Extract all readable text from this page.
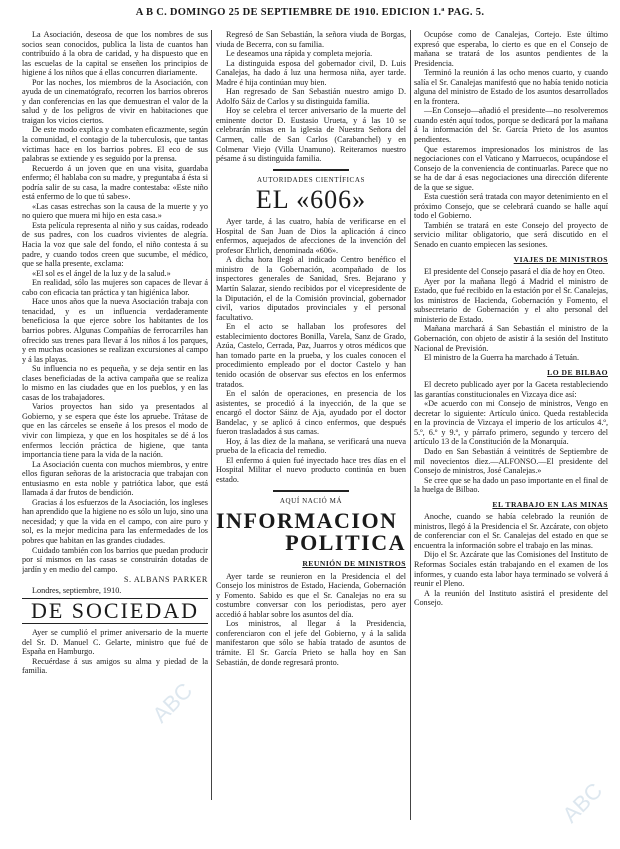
A B C. DOMINGO 25 DE SEPTIEMBRE DE 1910. EDICION 1.ª PAG. 5.

La Asociación, deseosa de que los nombres de sus socios sean conocidos, publica la lista de cuantos han contribuído á la obra de caridad, y ha dispuesto que en las escuelas de la capital se enseñen los principios de higiene á los niños que á ellas concurren diariamente.

Por las noches, los miembros de la Asociación, con ayuda de un cinematógrafo, recorren los barrios obreros y dan conferencias en las que demuestran el valor de la salud y de los peligros de vivir en habitaciones que traigan los vicios ciertos.

De este modo explica y combaten eficazmente, según la comunidad, el contagio de la tuberculosis, que tantas víctimas hace en los barrios pobres. El eco de sus palabras se extiende y es seguido por la prensa.

Recuerdo á un joven que en una visita, guardaba enfermo; él hablaba con su madre, y preguntaba á ésta si podría salir de su casa, la madre contestaba: «Este niño está enfermo de lo que tú sabes».

«Las casas estrechas son la causa de la muerte y yo no quiero que muera mi hijo en esta casa.»

Esta película representa al niño y sus caídas, rodeado de sus padres, con los cuadros vivientes de alegría. Hacia la voz que sale del fondo, el niño contesta á su padre, y cuando todos creen que sucumbe, el médico, que se halla presente, exclama:

«El sol es el ángel de la luz y de la salud.»

En realidad, sólo las mujeres son capaces de llevar á cabo con eficacia tan práctica y tan higiénica labor.

Hace unos años que la nueva Asociación trabaja con tenacidad, y es un influencia verdaderamente beneficiosa la que ejerce sobre los habitantes de los barrios pobres. Algunas Compañías de ferrocarriles han ofrecido sus trenes para llevar á los niños á los parques, y en muchas ocasiones se realizan excursiones al campo y á las playas.

Su influencia no es pequeña, y se deja sentir en las clases beneficiadas de la activa campaña que se realiza lo mismo en las ciudades que en los pueblos, y en las casas de los trabajadores.

Varios proyectos han sido ya presentados al Gobierno, y se espera que éste los apruebe. Trátase de que en las cárceles se enseñe á los presos el modo de vivir con limpieza, y que en los hospitales se dé á los enfermos lección práctica de higiene, que tanta importancia tiene para la vida de la nación.

La Asociación cuenta con muchos miembros, y entre ellos figuran señoras de la aristocracia que trabajan con entusiasmo en esta noble y patriótica labor, que está llamada á dar frutos de bendición.

Gracias á los esfuerzos de la Asociación, los ingleses han aprendido que la higiene no es sólo un lujo, sino una necesidad; y que la vida en el campo, con aire puro y sol, es la mejor medicina para las enfermedades de los pobres que habitan en las grandes ciudades.

Cuidado también con los barrios que puedan producir por sí mismos en las casas se construirán dotadas de jardín y en medio del campo.

S. ALBANS PARKER
Londres, septiembre, 1910.
DE SOCIEDAD

Ayer se cumplió el primer aniversario de la muerte del Sr. D. Manuel C. Gelarte, ministro que fué de España en Hamburgo.

Recuérdase á sus amigos su alma y piedad de la familia.

Regresó de San Sebastián, la señora viuda de Borgas, viuda de Becerra, con su familia.

Le deseamos una rápida y completa mejoría.

La distinguida esposa del gobernador civil, D. Luis Canalejas, ha dado á luz una hermosa niña, ayer tarde. Madre é hija continúan muy bien.

Han regresado de San Sebastián nuestro amigo D. Adolfo Sáiz de Carlos y su distinguida familia.

Hoy se celebra el tercer aniversario de la muerte del eminente doctor D. Eustasio Urueta, y á las 10 se celebrarán misas en la iglesia de Nuestra Señora del Carmen, calle de San Carlos (Carabanchel) y en Colmenar Viejo (Villa Unamuno). Reiteramos nuestro pésame á su distinguida familia.

AUTORIDADES CIENTÍFICAS
EL «606»

Ayer tarde, á las cuatro, había de verificarse en el Hospital de San Juan de Dios la aplicación á cinco enfermos, aquejados de afecciones de la invención del profesor Ehrlich, denominada «606».

A dicha hora llegó al indicado Centro benéfico el ministro de la Gobernación, acompañado de los inspectores generales de Sanidad, Sres. Bejarano y Martín Salazar, siendo recibidos por el vicepresidente de la Diputación, el de la Comisión provincial, gobernador civil, varios diputados provinciales y el personal facultativo.

En el acto se hallaban los profesores del establecimiento doctores Bonilla, Varela, Sanz de Grado, Azúa, Castelo, Cerrada, Paz, Juarros y otros médicos que han tomado parte en la prueba, y los cuales conocen el procedimiento empleado por el doctor Castelo y han tenido ocasión de observar sus efectos en los enfermos tratados.

En el salón de operaciones, en presencia de los asistentes, se procedió á la inyección, de la que se encargó el doctor Sáinz de Aja, ayudado por el doctor Bandelac, y se aplicó á cinco enfermos, que después fueron trasladados á sus camas.

Hoy, á las diez de la mañana, se verificará una nueva prueba de la eficacia del remedio.

El enfermo á quien fué inyectado hace tres días en el Hospital Militar el nuevo producto continúa en buen estado.

AQUÍ NACIÓ MÁ
INFORMACION
POLITICA
REUNIÓN DE MINISTROS

Ayer tarde se reunieron en la Presidencia el del Consejo los ministros de Estado, Hacienda, Gobernación y Fomento. Sabido es que el Sr. Canalejas no era su costumbre conversar con los periodistas, pero ayer accedió á hablar sobre los asuntos del día.

Los ministros, al llegar á la Presidencia, conferenciaron con el jefe del Gobierno, y á la salida manifestaron que sólo se había tratado de asuntos de trámite. El Sr. García Prieto se halla hoy en San Sebastián, de donde regresará pronto.

Ocupóse como de Canalejas, Cortejo. Este último expresó que esperaba, lo cierto es que en el Consejo de mañana se tratará de los asuntos pendientes de la Presidencia.

Terminó la reunión á las ocho menos cuarto, y cuando salía el Sr. Canalejas manifestó que no había tenido noticia alguna del ministro de Estado de los asuntos desarrollados en la frontera.

—En Consejo—añadió el presidente—no resolveremos cuando estén aquí todos, porque se dedicará por la mañana á la información del Sr. García Prieto de los asuntos pendientes.

Que estaremos impresionados los ministros de las negociaciones con el Vaticano y Marruecos, ocupándose el Consejo de la conveniencia de continuarlas. Parece que no se ha de dar á esas negociaciones una dirección diferente de la que se sigue.

Esta cuestión será tratada con mayor detenimiento en el próximo Consejo, que se celebrará cuando se halle aquí todo el Gobierno.

También se tratará en este Consejo del proyecto de servicio militar obligatorio, que será discutido en el Senado en cuanto empiecen las sesiones.

VIAJES DE MINISTROS

El presidente del Consejo pasará el día de hoy en Oteo.

Ayer por la mañana llegó á Madrid el ministro de Estado, que fué recibido en la estación por el Sr. Canalejas, los ministros de Hacienda, Gobernación y Fomento, el subsecretario de Gobernación y el alto personal del ministerio de Estado.

Mañana marchará á San Sebastián el ministro de la Gobernación, con objeto de asistir á la sesión del Instituto Nacional de Previsión.

El ministro de la Guerra ha marchado á Tetuán.

LO DE BILBAO

El decreto publicado ayer por la Gaceta restableciendo las garantías constitucionales en Vizcaya dice así:

«De acuerdo con mi Consejo de ministros, Vengo en decretar lo siguiente: Artículo único. Queda restablecida en la provincia de Vizcaya el imperio de los artículos 4.º, 5.º, 6.º y 9.º, y párrafo primero, segundo y tercero del artículo 13 de la Constitución de la Monarquía.

Dado en San Sebastián á veintitrés de Septiembre de mil novecientos diez.—ALFONSO.—El presidente del Consejo de ministros, José Canalejas.»

Se cree que se ha dado un paso importante en el final de la huelga de Bilbao.

EL TRABAJO EN LAS MINAS

Anoche, cuando se había celebrado la reunión de ministros, llegó á la Presidencia el Sr. Azcárate, con objeto de conferenciar con el Sr. Canalejas del estado en que se encuentra la información sobre el trabajo en las minas.

Dijo el Sr. Azcárate que las Comisiones del Instituto de Reformas Sociales están trabajando en el examen de los informes, y cuando esta labor haya terminado se volverá á reunir el Pleno.

A la reunión del Instituto asistirá el presidente del Consejo.

ABC
ABC
